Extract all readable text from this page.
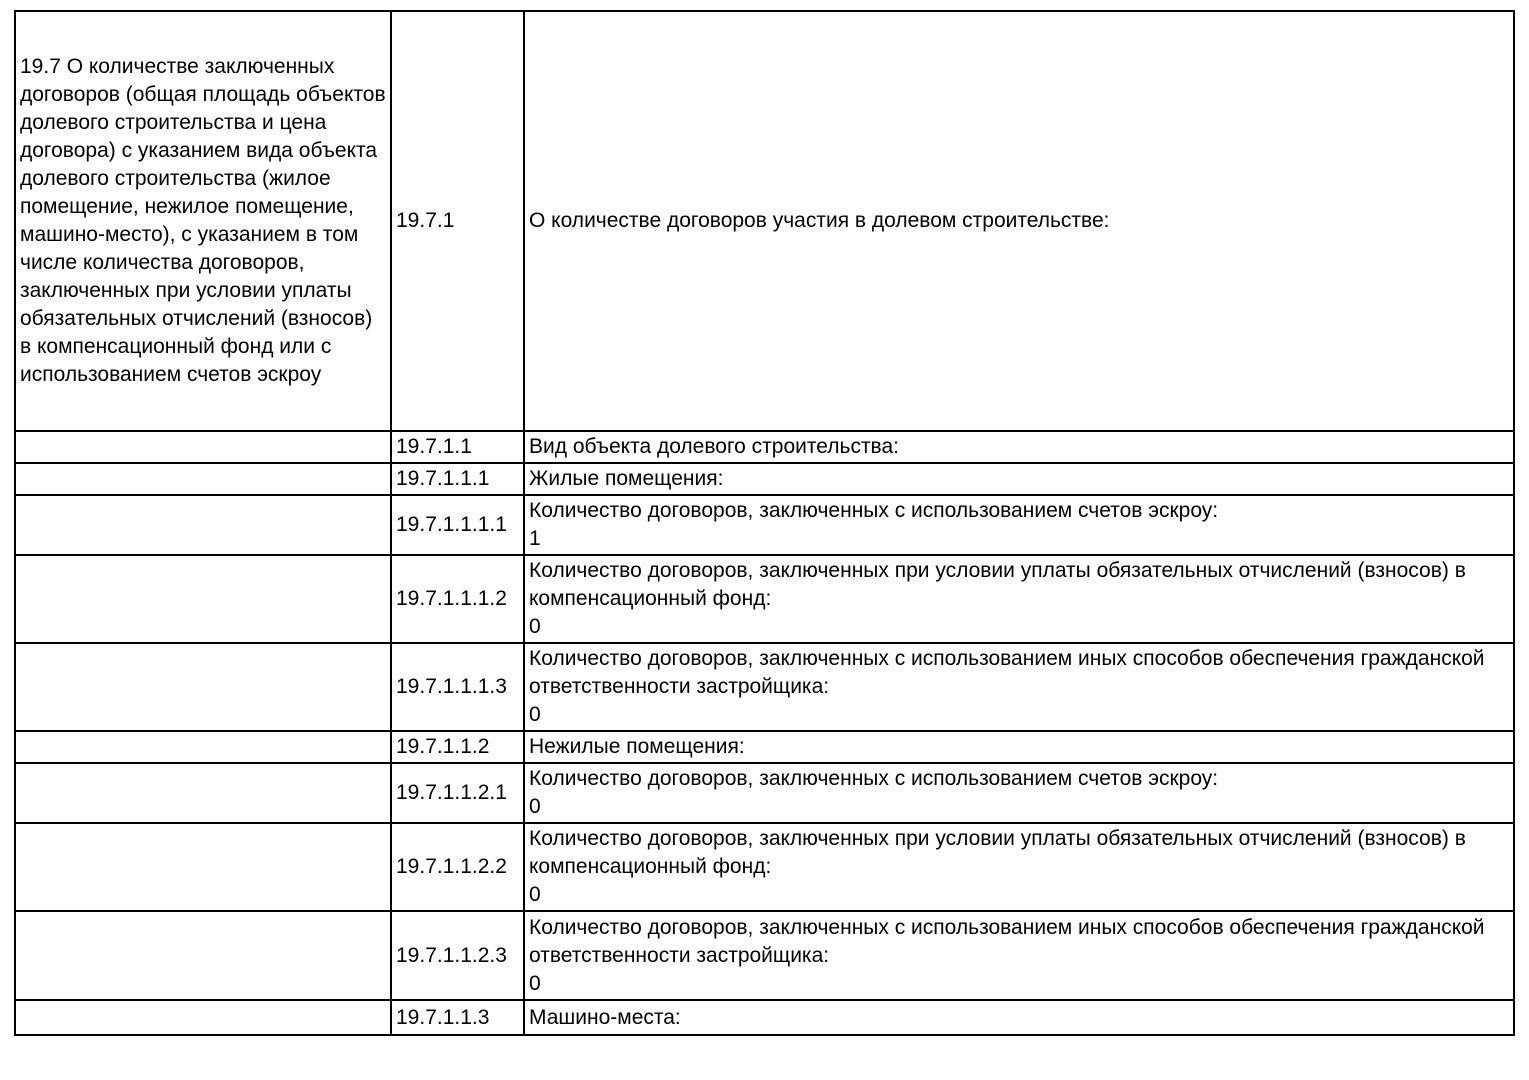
19.7 О количестве заключенных договоров (общая площадь объектов долевого строительства и цена договора) с указанием вида объекта долевого строительства (жилое помещение, нежилое помещение, машино-место), с указанием в том числе количества договоров, заключенных при условии уплаты обязательных отчислений (взносов) в компенсационный фонд или с использованием счетов эскроу	19.7.1	О количестве договоров участия в долевом строительстве:

	19.7.1.1	Вид объекта долевого строительства:

	19.7.1.1.1	Жилые помещения:

	19.7.1.1.1.1	Количество договоров, заключенных с использованием счетов эскроу:
1

	19.7.1.1.1.2	Количество договоров, заключенных при условии уплаты обязательных отчислений (взносов) в компенсационный фонд:
0

	19.7.1.1.1.3	Количество договоров, заключенных с использованием иных способов обеспечения гражданской ответственности застройщика:
0

	19.7.1.1.2	Нежилые помещения:

	19.7.1.1.2.1	Количество договоров, заключенных с использованием счетов эскроу:
0

	19.7.1.1.2.2	Количество договоров, заключенных при условии уплаты обязательных отчислений (взносов) в компенсационный фонд:
0

	19.7.1.1.2.3	Количество договоров, заключенных с использованием иных способов обеспечения гражданской ответственности застройщика:
0

	19.7.1.1.3	Машино-места:
